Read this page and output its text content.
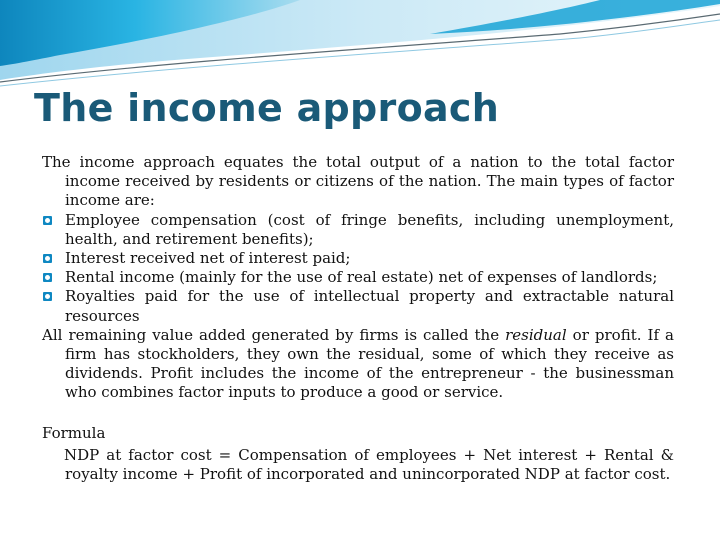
The income approach

The income approach equates the total output of a nation to the total factor income received by residents or citizens of the nation. The main types of factor income are:

Employee compensation (cost of fringe benefits, including unemployment, health, and retirement benefits);
Interest received net of interest paid;
Rental income (mainly for the use of real estate) net of expenses of landlords;
Royalties paid for the use of intellectual property and extractable natural resources

All remaining value added generated by firms is called the residual or profit. If a firm has stockholders, they own the residual, some of which they receive as dividends. Profit includes the income of the entrepreneur - the businessman who combines factor inputs to produce a good or service.

Formula

NDP at factor cost = Compensation of employees + Net interest + Rental & royalty income + Profit of incorporated and unincorporated NDP at factor cost.
